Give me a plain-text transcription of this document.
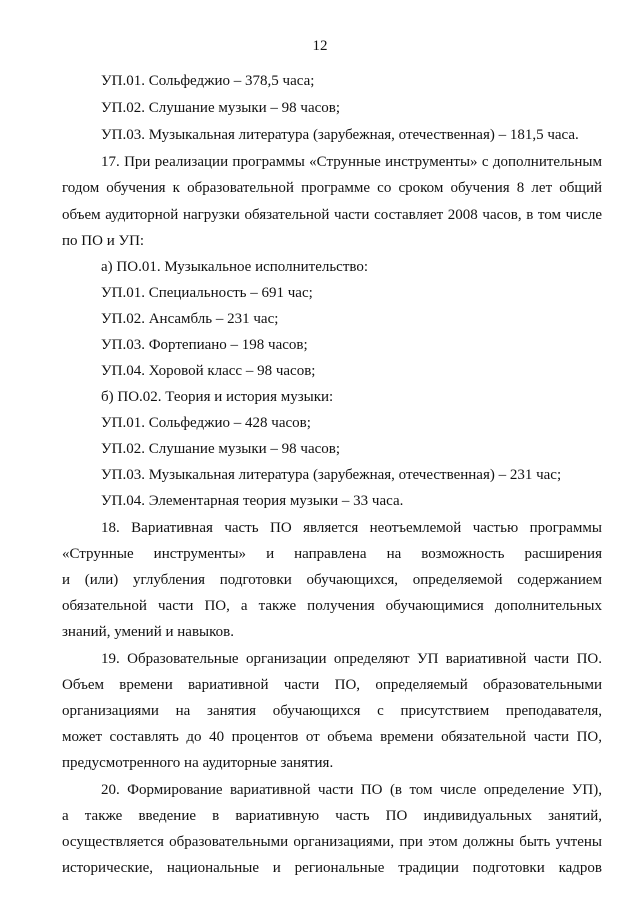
12
УП.01. Сольфеджио – 378,5 часа;
УП.02. Слушание музыки – 98 часов;
УП.03. Музыкальная литература (зарубежная, отечественная) – 181,5 часа.
17. При реализации программы «Струнные инструменты» с дополнительным
годом обучения к образовательной программе со сроком обучения 8 лет общий
объем аудиторной нагрузки обязательной части составляет 2008 часов, в том числе
по ПО и УП:
а) ПО.01. Музыкальное исполнительство:
УП.01. Специальность – 691 час;
УП.02. Ансамбль – 231 час;
УП.03. Фортепиано – 198 часов;
УП.04. Хоровой класс – 98 часов;
б) ПО.02. Теория и история музыки:
УП.01. Сольфеджио – 428 часов;
УП.02. Слушание музыки – 98 часов;
УП.03. Музыкальная литература (зарубежная, отечественная) – 231 час;
УП.04. Элементарная теория музыки – 33 часа.
18. Вариативная часть ПО является неотъемлемой частью программы
«Струнные инструменты» и направлена на возможность расширения
и (или) углубления подготовки обучающихся, определяемой содержанием
обязательной части ПО, а также получения обучающимися дополнительных
знаний, умений и навыков.
19. Образовательные организации определяют УП вариативной части ПО.
Объем времени вариативной части ПО, определяемый образовательными
организациями на занятия обучающихся с присутствием преподавателя,
может составлять до 40 процентов от объема времени обязательной части ПО,
предусмотренного на аудиторные занятия.
20. Формирование вариативной части ПО (в том числе определение УП),
а также введение в вариативную часть ПО индивидуальных занятий,
осуществляется образовательными организациями, при этом должны быть учтены
исторические, национальные и региональные традиции подготовки кадров
